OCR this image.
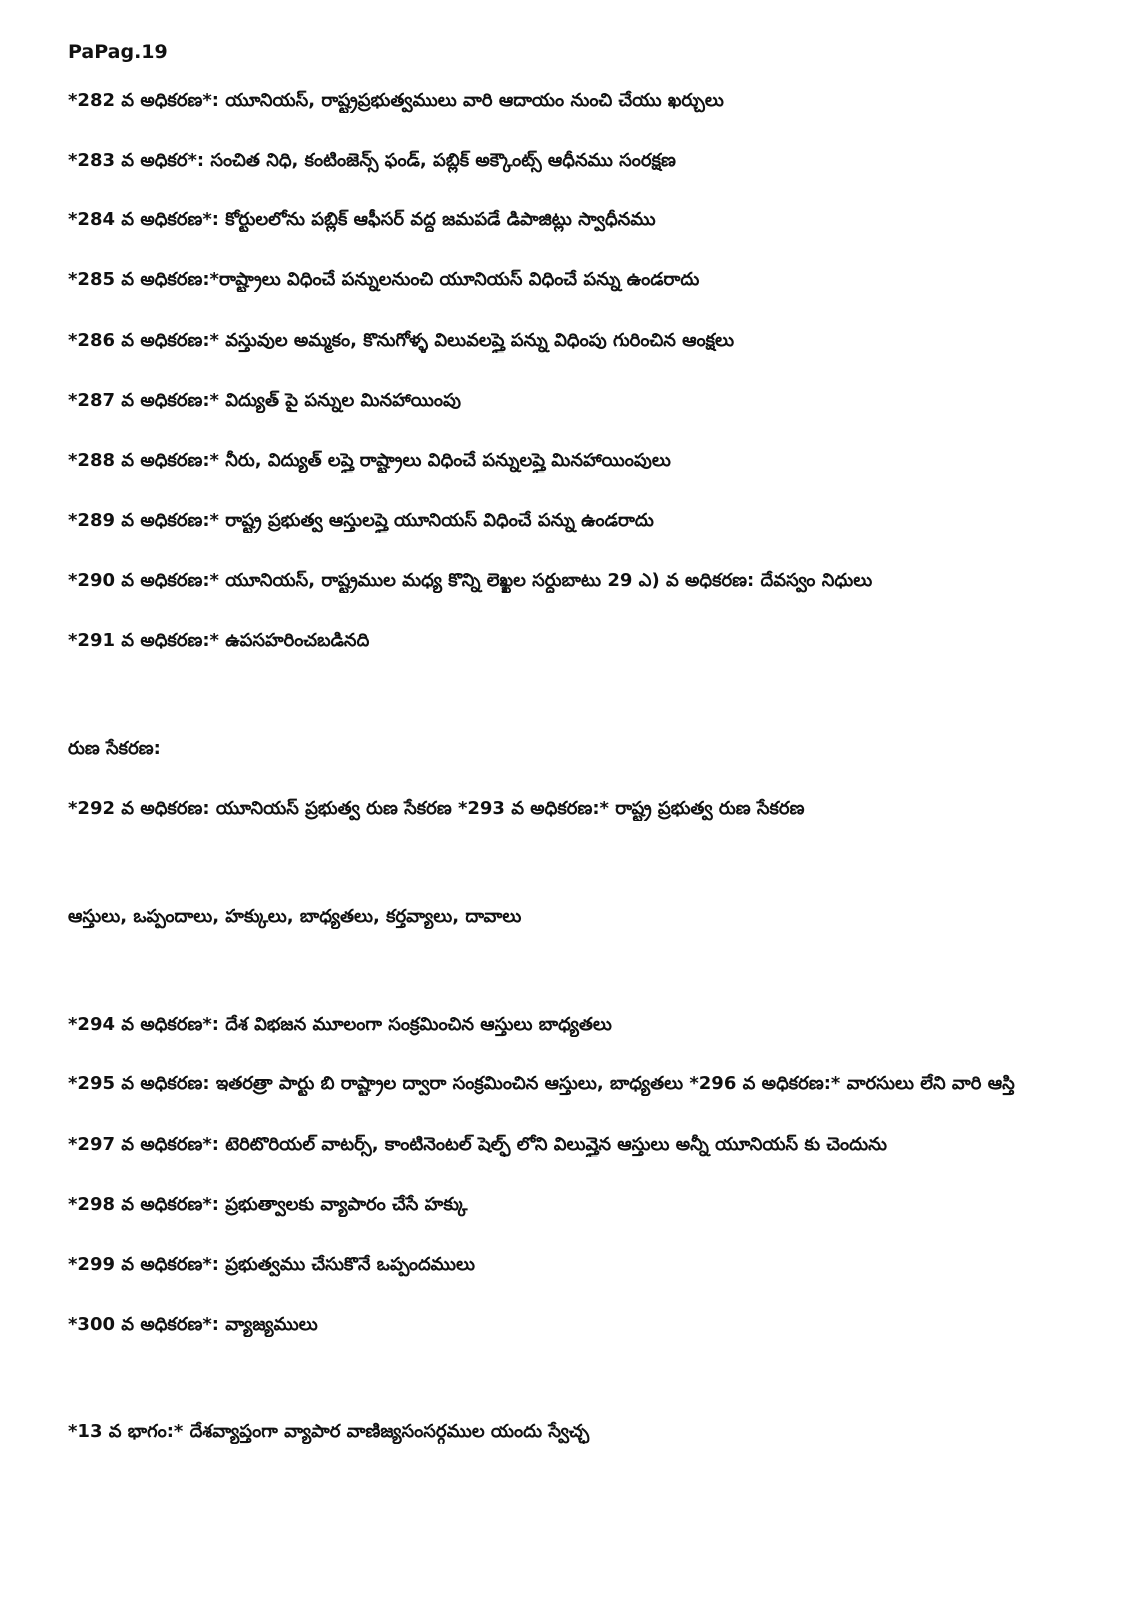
PaPag.19
*282 వ అధికరణ*: యూనియస్, రాష్ట్రప్రభుత్వములు వారి ఆదాయం నుంచి చేయు ఖర్చులు
*283 వ అధికర*: సంచిత నిధి, కంటింజెన్స్ ఫండ్, పబ్లిక్ అక్కౌంట్స్ ఆధీనము సంరక్షణ
*284 వ అధికరణ*: కోర్టులలోను పబ్లిక్ ఆఫీసర్ వద్ద జమపడే డిపాజిట్లు స్వాధీనము
*285 వ అధికరణ:*రాష్ట్రాలు విధించే పన్నులనుంచి యూనియస్ విధించే పన్ను ఉండరాదు
*286 వ అధికరణ:* వస్తువుల అమ్మకం, కొనుగోళ్ళ విలువలప్తై పన్ను విధింపు గురించిన ఆంక్షలు
*287 వ అధికరణ:* విద్యుత్ పై పన్నుల మినహాయింపు
*288 వ అధికరణ:* నీరు, విద్యుత్ లప్తై రాష్ట్రాలు విధించే పన్నులప్తై మినహాయింపులు
*289 వ అధికరణ:* రాష్ట్ర ప్రభుత్వ ఆస్తులప్తై యూనియస్ విధించే పన్ను ఉండరాదు
*290 వ అధికరణ:* యూనియస్, రాష్ట్రముల మధ్య కొన్ని లెఖ్ఖల సర్దుబాటు 29 ఎ) వ అధికరణ: దేవస్వం నిధులు
*291 వ అధికరణ:* ఉపసహరించబడినది
రుణ సేకరణ:
*292 వ అధికరణ: యూనియస్ ప్రభుత్వ రుణ సేకరణ *293 వ అధికరణ:* రాష్ట్ర ప్రభుత్వ రుణ సేకరణ
ఆస్తులు, ఒప్పందాలు, హక్కులు, బాధ్యతలు, కర్తవ్యాలు, దావాలు
*294 వ అధికరణ*: దేశ విభజన మూలంగా సంక్రమించిన ఆస్తులు బాధ్యతలు
*295 వ అధికరణ: ఇతరత్రా పార్టు బి రాష్ట్రాల ద్వారా సంక్రమించిన ఆస్తులు, బాధ్యతలు *296 వ అధికరణ:* వారసులు లేని వారి ఆస్తి
*297 వ అధికరణ*: టెరిటొరియల్ వాటర్స్, కాంటినెంటల్ షెల్ఫ్ లోని విలువ్తైన ఆస్తులు అన్నీ యూనియస్ కు చెందును
*298 వ అధికరణ*: ప్రభుత్వాలకు వ్యాపారం చేసే హక్కు
*299 వ అధికరణ*: ప్రభుత్వము చేసుకొనే ఒప్పందములు
*300 వ అధికరణ*: వ్యాజ్యములు
*13 వ భాగం:* దేశవ్యాప్తంగా వ్యాపార వాణిజ్యసంసర్గముల యందు స్వేచ్ఛ
